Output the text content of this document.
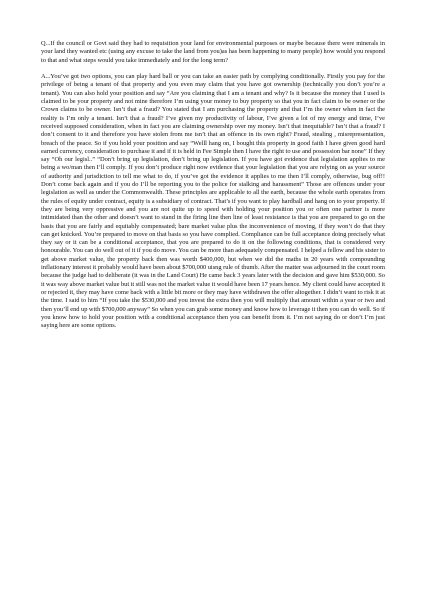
Q...If the council or Govt said they had to requisition your land for environmental purposes or maybe because there were minerals in your land they wanted etc (using any excuse to take the land from you)as has been happening to many people) how would you respond to that and what steps would you take immediately and for the long term?

A...You’ve got two options, you can play hard ball or you can take an easier path by complying conditionally. Firstly you pay for the privilege of being a tenant of that property and you even may claim that you have got ownership (technically you don’t you’re a tenant). You can also hold your position and say “Are you claiming that I am a tenant and why? Is it because the money that I used is claimed to be your property and not mine therefore I’m using your money to buy property so that you in fact claim to be owner or the Crown claims to be owner. Isn’t that a fraud? You stated that I am purchasing the property and that I’m the owner when in fact the reality is I’m only a tenant. Isn’t that a fraud? I’ve given my productivity of labour, I’ve given a lot of my energy and time, I’ve received supposed consideration, when in fact you are claiming ownership over my money. Isn’t that inequitable? Isn’t that a fraud? I don’t consent to it and therefore you have stolen from me isn’t that an offence in its own right? Fraud, stealing , misrepresentation, breach of the peace. So if you hold your position and say “Welll hang on, I bought this property in good faith I have given good hard earned currency, consideration to purchase it and if it is held in Fee Simple then I have the right to use and possession bar none” If they say “Oh our legisl..” “Don’t bring up legislation, don’t bring up legislation. If you have got evidence that legislation applies to me being a wo/man then I’ll comply. If you don’t produce right now evidence that your legislation that you are relying on as your source of authority and jurisdiction to tell me what to do, if you’ve got the evidence it applies to me then I’ll comply, otherwise, bug off!! Don’t come back again and if you do I’ll be reporting you to the police for stalking and harassment” Those are offences under your legislation as well as under the Commonwealth. These principles are applicable to all the earth, because the whole earth operates from the rules of equity under contract, equity is a subsidiary of contract. That’s if you want to play hardball and hang on to your property. If they are being very oppressive and you are not quite up to speed with holding your position you or often one partner is more intimidated than the other and doesn’t want to stand in the firing line then line of least resistance is that you are prepared to go on the basis that you are fairly and equitably compensated; bare market value plus the inconvenience of moving, if they won’t do that they can get knicked. You’re prepared to move on that basis so you have complied. Compliance can be full acceptance doing precisely what they say or it can be a conditional acceptance, that you are prepared to do it on the following conditions, that is considered very honourable. You can do well out of it if you do move. You can be more than adequately compensated. I helped a fellow and his sister to get above market value, the property back then was worth $400,000, but when we did the maths in 20 years with compounding inflationary interest it probably would have been about $700,000 uisng rule of thumb. After the matter was adjourned in the court room because the judge had to deliberate (it was in the Land Court) He came back 3 years later with the decision and gave him $530,000. So it was way above market value but it still was not the market value it would have been 17 years hence. My client could have accepted it or rejected it, they may have come back with a little bit more or they may have withdrawn the offer altogether. I didn’t want to risk it at the time. I said to him “If you take the $530,000 and you invest the extra then you will multiply that amount within a year or two and then you’ll end up with $700,000 anyway” So when you can grab some money and know how to leverage it then you can do well. So if you know how to hold your position with a conditional acceptance then you can benefit from it. I’m not saying do or don’t I’m just saying here are some options.
